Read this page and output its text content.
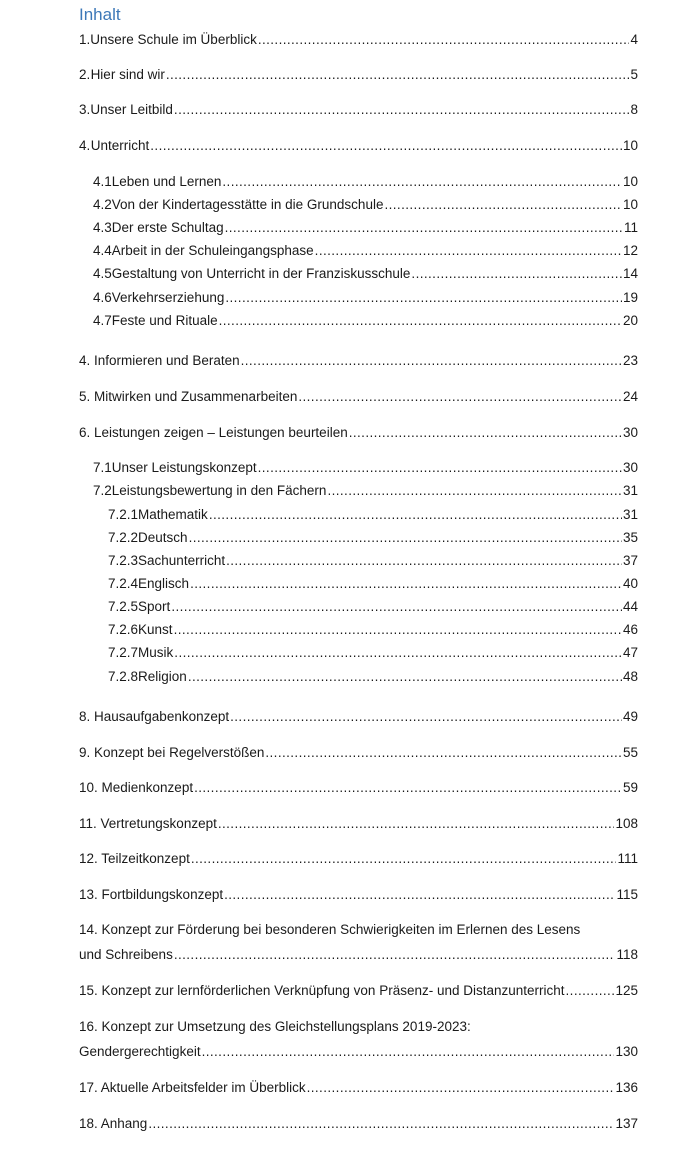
Inhalt
1. Unsere Schule im Überblick .....	4
2. Hier sind wir .....	5
3. Unser Leitbild .....	8
4. Unterricht .....	10
4.1 Leben und Lernen .....	10
4.2 Von der Kindertagesstätte in die Grundschule .....	10
4.3 Der erste Schultag .....	11
4.4 Arbeit in der Schuleingangsphase .....	12
4.5 Gestaltung von Unterricht in der Franziskusschule .....	14
4.6 Verkehrserziehung .....	19
4.7 Feste und Rituale .....	20
4. Informieren und Beraten .....	23
5. Mitwirken und Zusammenarbeiten .....	24
6. Leistungen zeigen – Leistungen beurteilen .....	30
7.1 Unser Leistungskonzept .....	30
7.2 Leistungsbewertung in den Fächern .....	31
7.2.1 Mathematik .....	31
7.2.2 Deutsch .....	35
7.2.3 Sachunterricht .....	37
7.2.4 Englisch .....	40
7.2.5 Sport .....	44
7.2.6 Kunst .....	46
7.2.7 Musik .....	47
7.2.8 Religion .....	48
8. Hausaufgabenkonzept .....	49
9. Konzept bei Regelverstößen .....	55
10. Medienkonzept .....	59
11. Vertretungskonzept .....	108
12. Teilzeitkonzept .....	111
13. Fortbildungskonzept .....	115
14. Konzept zur Förderung bei besonderen Schwierigkeiten im Erlernen des Lesens
und Schreibens .....	118
15. Konzept zur lernförderlichen Verknüpfung von Präsenz- und Distanzunterricht .....	125
16. Konzept zur Umsetzung des Gleichstellungsplans 2019-2023:
Gendergerechtigkeit .....	130
17. Aktuelle Arbeitsfelder im Überblick .....	136
18. Anhang .....	137
